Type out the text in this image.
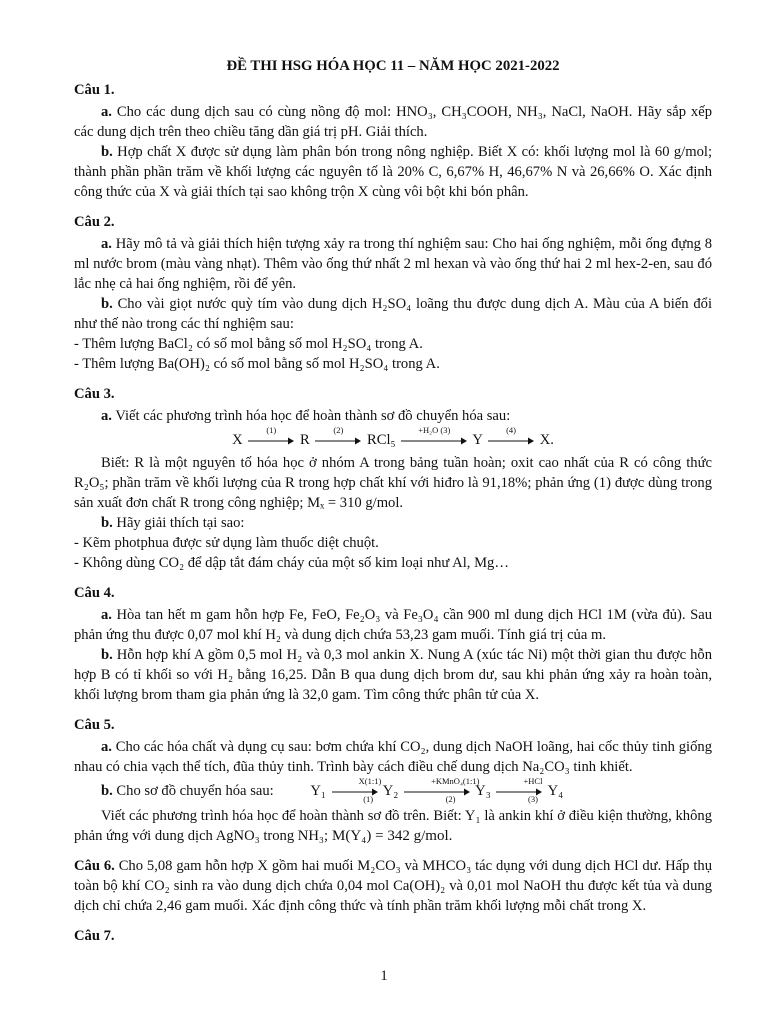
ĐỀ THI HSG HÓA HỌC 11 – NĂM HỌC 2021-2022

Câu 1.

a. Cho các dung dịch sau có cùng nồng độ mol: HNO₃, CH₃COOH, NH₃, NaCl, NaOH. Hãy sắp xếp các dung dịch trên theo chiều tăng dần giá trị pH. Giải thích.

b. Hợp chất X được sử dụng làm phân bón trong nông nghiệp. Biết X có: khối lượng mol là 60 g/mol; thành phần phần trăm về khối lượng các nguyên tố là 20% C, 6,67% H, 46,67% N và 26,66% O. Xác định công thức của X và giải thích tại sao không trộn X cùng vôi bột khi bón phân.

Câu 2.

a. Hãy mô tả và giải thích hiện tượng xảy ra trong thí nghiệm sau: Cho hai ống nghiệm, mỗi ống đựng 8 ml nước brom (màu vàng nhạt). Thêm vào ống thứ nhất 2 ml hexan và vào ống thứ hai 2 ml hex-2-en, sau đó lắc nhẹ cả hai ống nghiệm, rồi để yên.

b. Cho vài giọt nước quỳ tím vào dung dịch H₂SO₄ loãng thu được dung dịch A. Màu của A biến đổi như thế nào trong các thí nghiệm sau:

- Thêm lượng BaCl₂ có số mol bằng số mol H₂SO₄ trong A.

- Thêm lượng Ba(OH)₂ có số mol bằng số mol H₂SO₄ trong A.

Câu 3.

a. Viết các phương trình hóa học để hoàn thành sơ đồ chuyển hóa sau:

X
(1)
R
(2)
RCl₅
+H₂O (3)
Y
(4)
X.

Biết: R là một nguyên tố hóa học ở nhóm A trong bảng tuần hoàn; oxit cao nhất của R có công thức R₂O₅; phần trăm về khối lượng của R trong hợp chất khí với hiđro là 91,18%; phản ứng (1) được dùng trong sản xuất đơn chất R trong công nghiệp; Mₓ = 310 g/mol.

b. Hãy giải thích tại sao:

- Kẽm photphua được sử dụng làm thuốc diệt chuột.

- Không dùng CO₂ để dập tắt đám cháy của một số kim loại như Al, Mg…

Câu 4.

a. Hòa tan hết m gam hỗn hợp Fe, FeO, Fe₂O₃ và Fe₃O₄ cần 900 ml dung dịch HCl 1M (vừa đủ). Sau phản ứng thu được 0,07 mol khí H₂ và dung dịch chứa 53,23 gam muối. Tính giá trị của m.

b. Hỗn hợp khí A gồm 0,5 mol H₂ và 0,3 mol ankin X. Nung A (xúc tác Ni) một thời gian thu được hỗn hợp B có tỉ khối so với H₂ bằng 16,25. Dẫn B qua dung dịch brom dư, sau khi phản ứng xảy ra hoàn toàn, khối lượng brom tham gia phản ứng là 32,0 gam. Tìm công thức phân tử của X.

Câu 5.

a. Cho các hóa chất và dụng cụ sau: bơm chứa khí CO₂, dung dịch NaOH loãng, hai cốc thủy tinh giống nhau có chia vạch thể tích, đũa thủy tinh. Trình bày cách điều chế dung dịch Na₂CO₃ tinh khiết.

b. Cho sơ đồ chuyển hóa sau:	Y₁
X(1:1)
(1) Y₂
+KMnO₄(1:1)
(2)	Y₃
+HCl
(3) Y₄

Viết các phương trình hóa học để hoàn thành sơ đồ trên. Biết: Y₁ là ankin khí ở điều kiện thường, không phản ứng với dung dịch AgNO₃ trong NH₃; M(Y₄) = 342 g/mol.

Câu 6. Cho 5,08 gam hỗn hợp X gồm hai muối M₂CO₃ và MHCO₃ tác dụng với dung dịch HCl dư. Hấp thụ toàn bộ khí CO₂ sinh ra vào dung dịch chứa 0,04 mol Ca(OH)₂ và 0,01 mol NaOH thu được kết tủa và dung dịch chỉ chứa 2,46 gam muối. Xác định công thức và tính phần trăm khối lượng mỗi chất trong X.

Câu 7.

1
